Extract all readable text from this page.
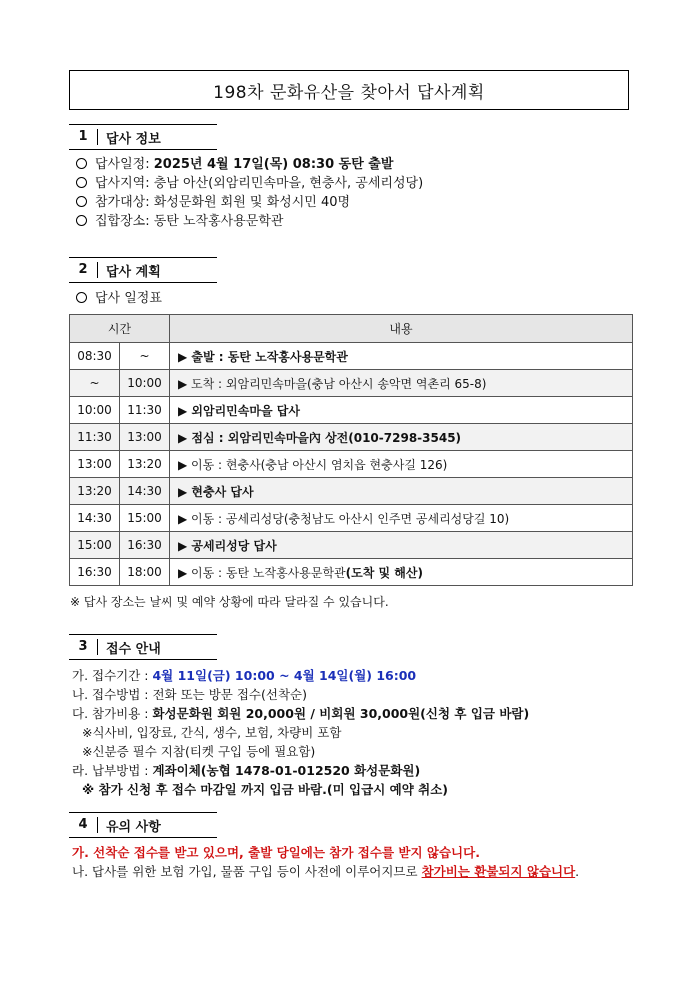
198차 문화유산을 찾아서 답사계획
1	답사 정보
답사일정: 2025년 4월 17일(목) 08:30 동탄 출발
답사지역: 충남 아산(외암리민속마을, 현충사, 공세리성당)
참가대상: 화성문화원 회원 및 화성시민 40명
집합장소: 동탄 노작홍사용문학관
2	답사 계획
답사 일정표
시간		내용
08:30	~	▶ 출발 : 동탄 노작홍사용문학관
~	10:00	▶ 도착 : 외암리민속마을(충남 아산시 송악면 역촌리 65-8)
10:00	11:30	▶ 외암리민속마을 답사
11:30	13:00	▶ 점심 : 외암리민속마을內 상전(010-7298-3545)
13:00	13:20	▶ 이동 : 현충사(충남 아산시 염치읍 현충사길 126)
13:20	14:30	▶ 현충사 답사
14:30	15:00	▶ 이동 : 공세리성당(충청남도 아산시 인주면 공세리성당길 10)
15:00	16:30	▶ 공세리성당 답사
16:30	18:00	▶ 이동 : 동탄 노작홍사용문학관(도착 및 해산)
※ 답사 장소는 날씨 및 예약 상황에 따라 달라질 수 있습니다.
3	접수 안내
가. 접수기간 : 4월 11일(금) 10:00 ~ 4월 14일(월) 16:00
나. 접수방법 : 전화 또는 방문 접수(선착순)
다. 참가비용 : 화성문화원 회원 20,000원 / 비회원 30,000원(신청 후 입금 바람)
※식사비, 입장료, 간식, 생수, 보험, 차량비 포함
※신분증 필수 지참(티켓 구입 등에 필요함)
라. 납부방법 : 계좌이체(농협 1478-01-012520 화성문화원)
※ 참가 신청 후 접수 마감일 까지 입금 바람.(미 입급시 예약 취소)
4	유의 사항
가. 선착순 접수를 받고 있으며, 출발 당일에는 참가 접수를 받지 않습니다.
나. 답사를 위한 보험 가입, 물품 구입 등이 사전에 이루어지므로 참가비는 환불되지 않습니다.
